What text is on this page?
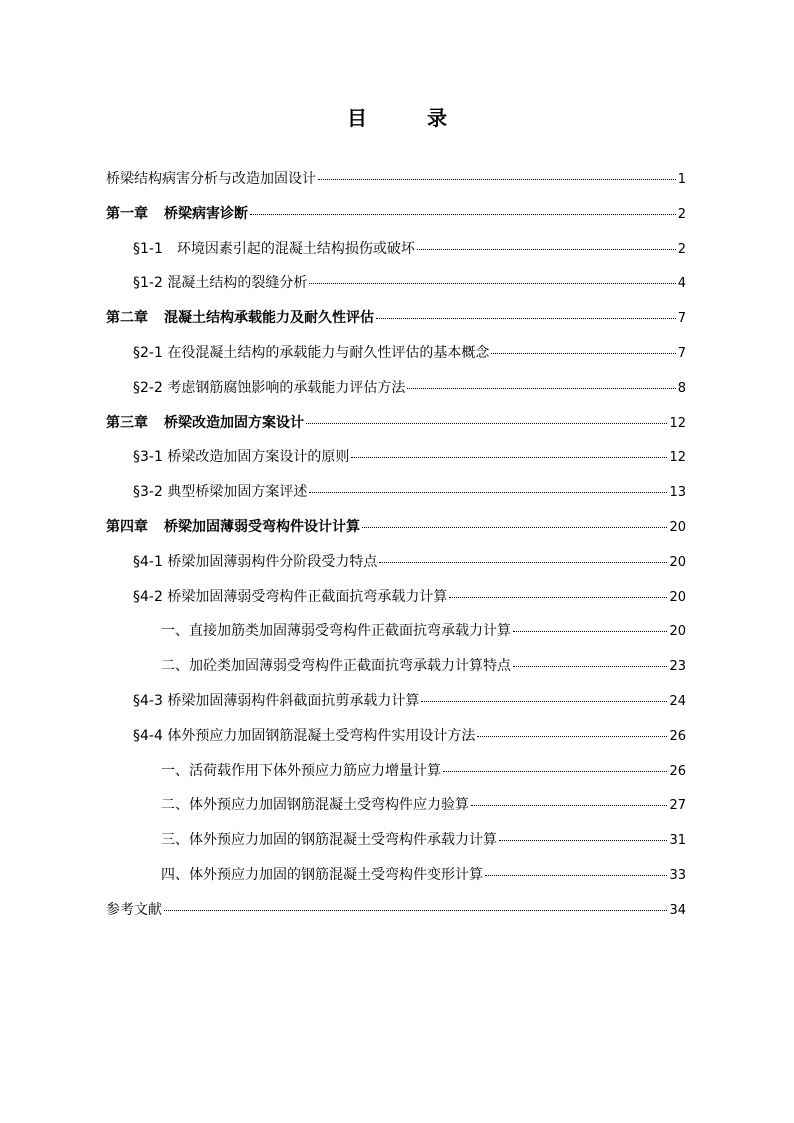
目　录
桥梁结构病害分析与改造加固设计	1
第一章 桥梁病害诊断	2
§1-1　环境因素引起的混凝土结构损伤或破坏	2
§1-2 混凝土结构的裂缝分析	4
第二章 混凝土结构承载能力及耐久性评估	7
§2-1 在役混凝土结构的承载能力与耐久性评估的基本概念	7
§2-2 考虑钢筋腐蚀影响的承载能力评估方法	8
第三章 桥梁改造加固方案设计	12
§3-1 桥梁改造加固方案设计的原则	12
§3-2 典型桥梁加固方案评述	13
第四章 桥梁加固薄弱受弯构件设计计算	20
§4-1 桥梁加固薄弱构件分阶段受力特点	20
§4-2 桥梁加固薄弱受弯构件正截面抗弯承载力计算	20
一、直接加筋类加固薄弱受弯构件正截面抗弯承载力计算	20
二、加砼类加固薄弱受弯构件正截面抗弯承载力计算特点	23
§4-3 桥梁加固薄弱构件斜截面抗剪承载力计算	24
§4-4 体外预应力加固钢筋混凝土受弯构件实用设计方法	26
一、活荷载作用下体外预应力筋应力增量计算	26
二、体外预应力加固钢筋混凝土受弯构件应力验算	27
三、体外预应力加固的钢筋混凝土受弯构件承载力计算	31
四、体外预应力加固的钢筋混凝土受弯构件变形计算	33
参考文献	34
